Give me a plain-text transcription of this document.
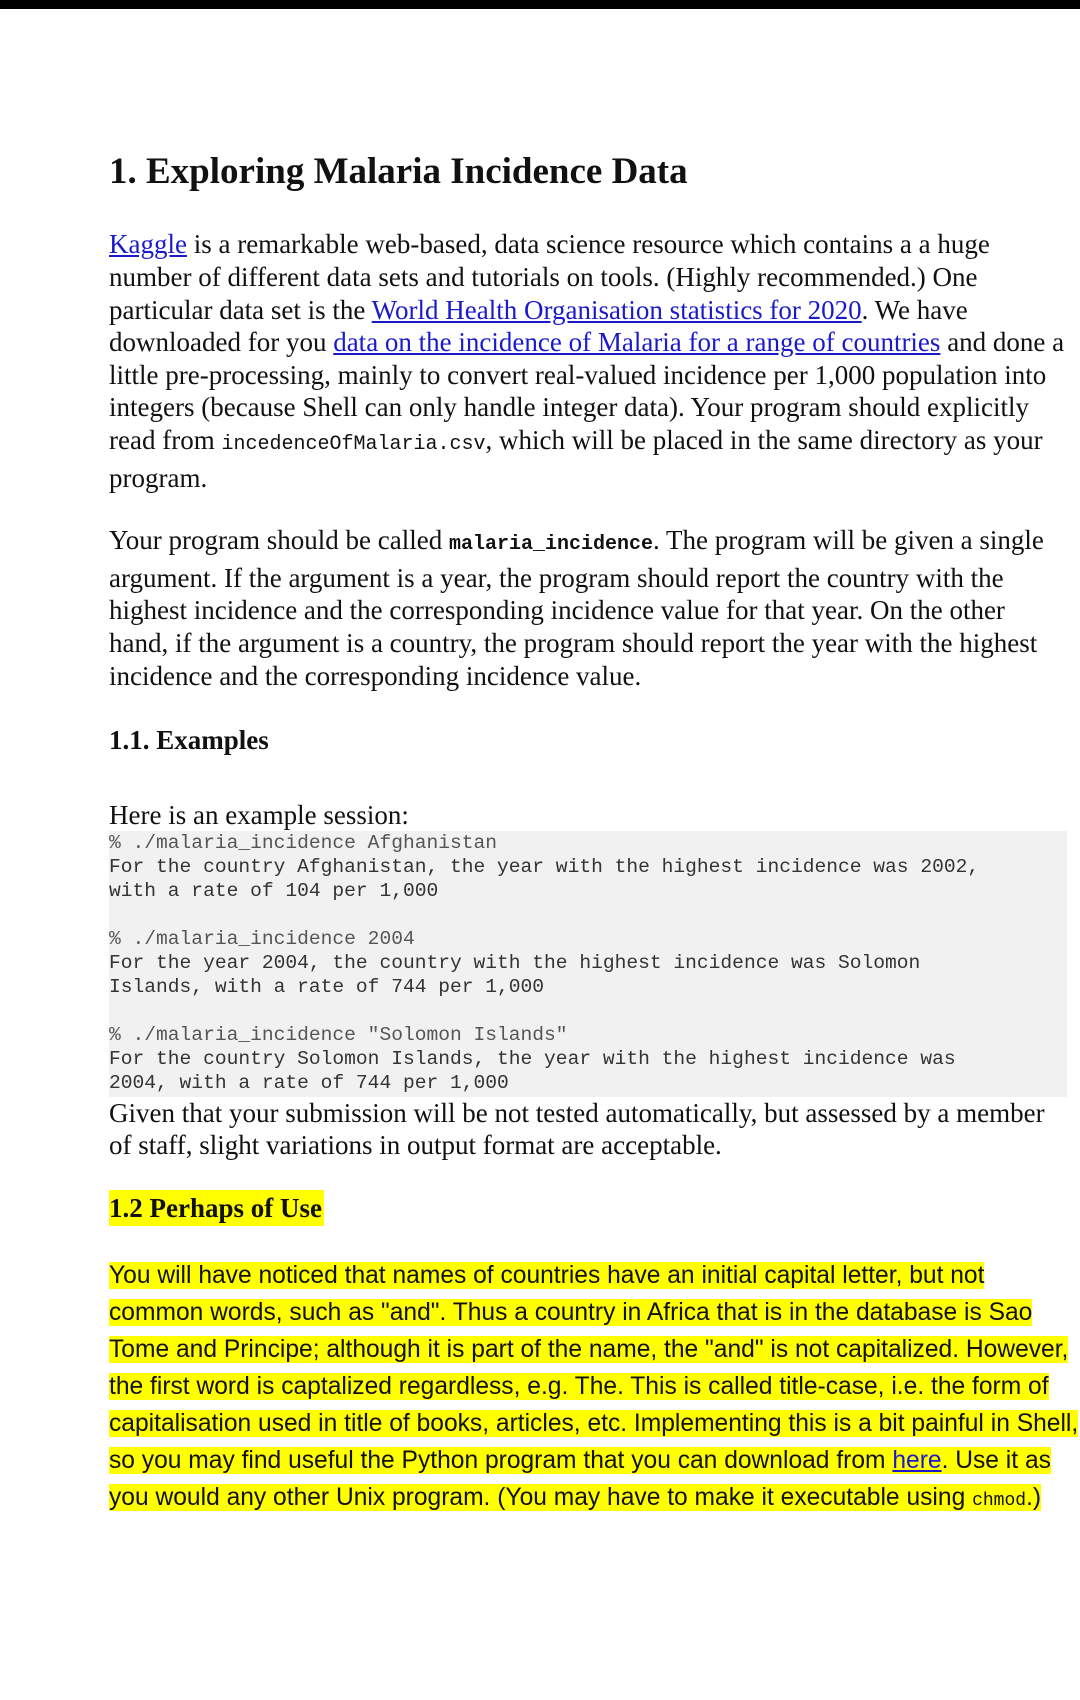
1. Exploring Malaria Incidence Data

Kaggle is a remarkable web-based, data science resource which contains a a huge number of different data sets and tutorials on tools. (Highly recommended.) One particular data set is the World Health Organisation statistics for 2020. We have downloaded for you data on the incidence of Malaria for a range of countries and done a little pre-processing, mainly to convert real-valued incidence per 1,000 population into integers (because Shell can only handle integer data). Your program should explicitly read from incedenceOfMalaria.csv, which will be placed in the same directory as your program.

Your program should be called malaria_incidence. The program will be given a single argument. If the argument is a year, the program should report the country with the highest incidence and the corresponding incidence value for that year. On the other hand, if the argument is a country, the program should report the year with the highest incidence and the corresponding incidence value.

1.1. Examples
Here is an example session:
% ./malaria_incidence Afghanistan
For the country Afghanistan, the year with the highest incidence was 2002,
with a rate of 104 per 1,000
% ./malaria_incidence 2004
For the year 2004, the country with the highest incidence was Solomon
Islands, with a rate of 744 per 1,000
% ./malaria_incidence "Solomon Islands"
For the country Solomon Islands, the year with the highest incidence was
2004, with a rate of 744 per 1,000

Given that your submission will be not tested automatically, but assessed by a member of staff, slight variations in output format are acceptable.

1.2 Perhaps of Use
You will have noticed that names of countries have an initial capital letter, but not common words, such as "and". Thus a country in Africa that is in the database is Sao Tome and Principe; although it is part of the name, the "and" is not capitalized. However, the first word is captalized regardless, e.g. The. This is called title-case, i.e. the form of capitalisation used in title of books, articles, etc. Implementing this is a bit painful in Shell, so you may find useful the Python program that you can download from here. Use it as you would any other Unix program. (You may have to make it executable using chmod.)
